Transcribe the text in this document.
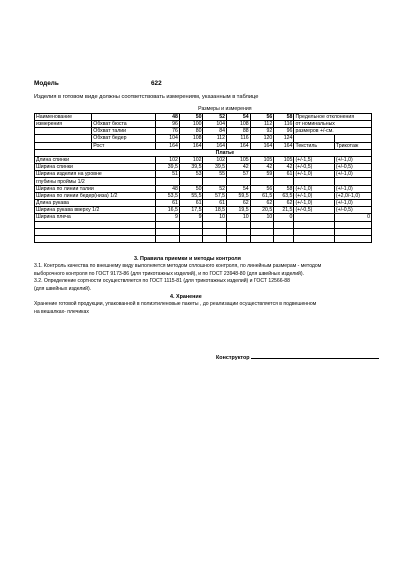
Модель	622
Изделия в готовом виде должны соответствовать измерениям, указанным в таблице
		Размеры и измерения							
Наименование		48	50	52	54	56	58	Предельное отклонения	
измерения	Обхват бюста	96	100	104	108	112	116	от номинальных	
	Обхват талии	76	80	84	88	92	96	размеров +/-см.	
	Обхват бедер	104	108	112	116	120	124		
	Рост	164	164	164	164	164	164	Текстиль	Трикотаж
		Платье							
Длина спинки		102	102	102	105	105	105	(+/-1,5)	(+/-1,0)
Ширина спинки		39,5	39,5	39,5	42	42	42	(+/-0,5)	(+/-0,5)
Ширина изделия на уровне		51	53	55	57	59	61	(+/-1,0)	(+/-1,0)
глубины проймы 1/2									
Ширина по линии талии		48	50	52	54	56	58	(+/-1,0)	(+/-1,0)
Ширина по линии бедер(низа) 1/2		53,5	55,5	57,5	59,5	61,5	63,5	(+/-1,0)	(+2,0/-1,0)
Длина рукава		61	61	61	62	62	62	(+/-1,0)	(+/-1,0)
Ширина рукава вверху 1/2		16,5	17,5	18,5	19,5	20,5	21,5	(+/-0,5)	(+/-0,5)
Ширина плеча		9	9	10	10	10	0		0

3. Правила приемки и методы контроля
3.1. Контроль качества по внешнему виду выполняется методом сплошного контроля, по линейным размерам - методом
выборочного контроля по ГОСТ 9173-86 (для трикотажных изделий), и по ГОСТ 23948-80 (для швейных изделий).
3.2. Определение сортности осуществляется по ГОСТ 1115-81 (для трикотажных изделий) и ГОСТ 12566-88
(для швейных изделий).
4. Хранение
Хранение готовой продукции, упакованной в полиэтиленовые пакеты , до реализации осуществляется в подвешенном
на вешалках- плечиках
Конструктор
